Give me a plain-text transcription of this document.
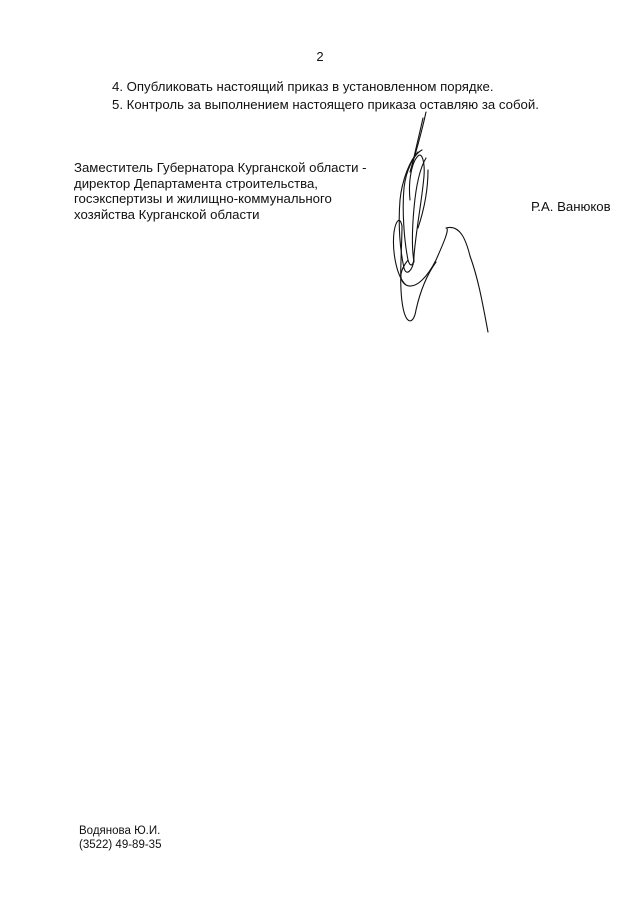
2
4. Опубликовать настоящий приказ в установленном порядке.
5. Контроль за выполнением настоящего приказа оставляю за собой.
Заместитель Губернатора Курганской области -
директор Департамента строительства,
госэкспертизы и жилищно-коммунального
хозяйства Курганской области	Р.А. Ванюков
Водянова Ю.И.
(3522) 49-89-35
